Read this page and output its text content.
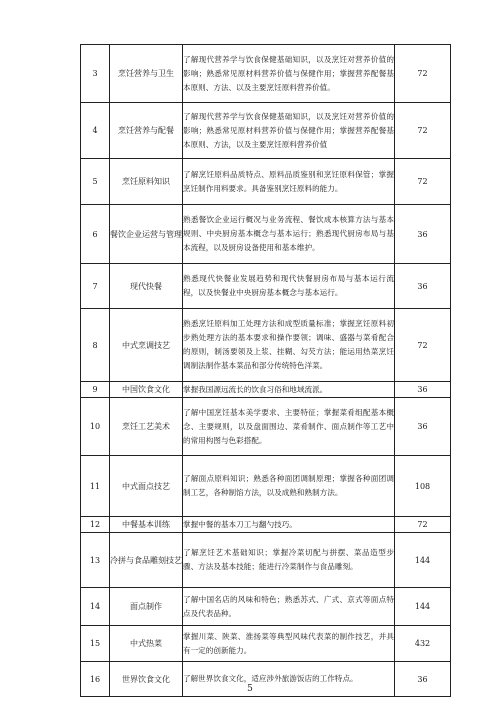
3	烹饪营养与卫生	了解现代营养学与饮食保健基础知识，以及烹饪对营养价值的影响；熟悉常见原材料营养价值与保健作用；掌握营养配餐基本原则、方法、以及主要烹饪原料营养价值。	72
4	烹饪营养与配餐	了解现代营养学与饮食保健基础知识，以及烹饪对营养价值的影响；熟悉常见原材料营养价值与保健作用；掌握营养配餐基本原则、方法，以及主要烹饪原料营养价值	72
5	烹饪原料知识	了解烹饪原料品质特点、原料品质鉴别和烹饪原料保管；掌握烹饪制作用料要求。具备鉴别烹饪原料的能力。	72
6	餐饮企业运营与管理	熟悉餐饮企业运行概况与业务流程、餐饮成本核算方法与基本规则、中央厨房基本概念与基本运行；熟悉现代厨房布局与基本流程，以及厨房设备使用和基本维护。	36
7	现代快餐	熟悉现代快餐业发展趋势和现代快餐厨房布局与基本运行流程，以及快餐业中央厨房基本概念与基本运行。	36
8	中式烹调技艺	熟悉烹饪原料加工处理方法和成型质量标准；掌握烹饪原料初步熟处理方法的基本要求和操作要领；调味、盛器与菜肴配合的原则，制汤要领及上浆、挂糊、勾芡方法；能运用热菜烹饪调制法制作基本菜品和部分传统特色洋菜。	72
9	中国饮食文化	掌握我国源远流长的饮食习俗和地域流派。	36
10	烹饪工艺美术	了解中国烹饪基本美学要求、主要特征；掌握菜肴组配基本概念、主要规则，以及盘面围边、菜肴制作、面点制作等工艺中的常用构图与色彩搭配。	36
11	中式面点技艺	了解面点原料知识；熟悉各种面团调制原理；掌握各种面团调制工艺，各种制馅方法，以及成熟和熟制方法。	108
12	中餐基本训练	掌握中餐的基本刀工与翻勺技巧。	72
13	冷拼与食品雕刻技艺	了解烹饪艺术基础知识；掌握冷菜切配与拼摆、菜品造型步骤、方法及基本技能；能进行冷菜制作与食品雕刻。	144
14	面点制作	了解中国名店的风味和特色；熟悉苏式、广式、京式等面点特点及代表品种。	144
15	中式热菜	掌握川菜、陕菜、淮扬菜等典型风味代表菜的制作技艺，并具有一定的创新能力。	432
16	世界饮食文化	了解世界饮食文化，适应涉外旅游饭店的工作特点。	36
5
